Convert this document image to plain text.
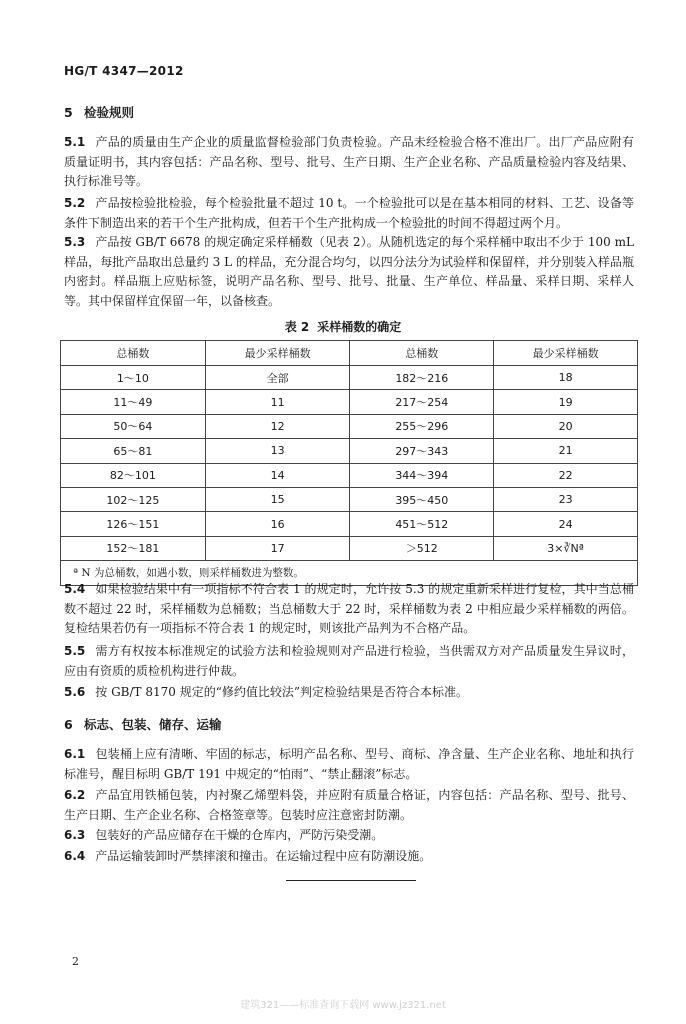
HG/T 4347—2012
5 检验规则
5.1 产品的质量由生产企业的质量监督检验部门负责检验。产品未经检验合格不准出厂。出厂产品应附有质量证明书，其内容包括：产品名称、型号、批号、生产日期、生产企业名称、产品质量检验内容及结果、执行标准号等。
5.2 产品按检验批检验，每个检验批量不超过 10 t。一个检验批可以是在基本相同的材料、工艺、设备等条件下制造出来的若干个生产批构成，但若干个生产批构成一个检验批的时间不得超过两个月。
5.3 产品按 GB/T 6678 的规定确定采样桶数（见表 2）。从随机选定的每个采样桶中取出不少于 100 mL 样品，每批产品取出总量约 3 L 的样品，充分混合均匀，以四分法分为试验样和保留样，并分别装入样品瓶内密封。样品瓶上应贴标签，说明产品名称、型号、批号、批量、生产单位、样品量、采样日期、采样人等。其中保留样宜保留一年，以备核查。
表 2 采样桶数的确定
总桶数	最少采样桶数	总桶数	最少采样桶数
1～10	全部	182～216	18
11～49	11	217～254	19
50～64	12	255～296	20
65～81	13	297～343	21
82～101	14	344～394	22
102～125	15	395～450	23
126～151	16	451～512	24
152～181	17	＞512	3×∛Nª
ª N 为总桶数，如遇小数，则采样桶数进为整数。			
5.4 如果检验结果中有一项指标不符合表 1 的规定时，允许按 5.3 的规定重新采样进行复检，其中当总桶数不超过 22 时，采样桶数为总桶数；当总桶数大于 22 时，采样桶数为表 2 中相应最少采样桶数的两倍。复检结果若仍有一项指标不符合表 1 的规定时，则该批产品判为不合格产品。
5.5 需方有权按本标准规定的试验方法和检验规则对产品进行检验，当供需双方对产品质量发生异议时，应由有资质的质检机构进行仲裁。
5.6 按 GB/T 8170 规定的“修约值比较法”判定检验结果是否符合本标准。
6 标志、包装、储存、运输
6.1 包装桶上应有清晰、牢固的标志，标明产品名称、型号、商标、净含量、生产企业名称、地址和执行标准号，醒目标明 GB/T 191 中规定的“怕雨”、“禁止翻滚”标志。
6.2 产品宜用铁桶包装，内衬聚乙烯塑料袋，并应附有质量合格证，内容包括：产品名称、型号、批号、生产日期、生产企业名称、合格签章等。包装时应注意密封防潮。
6.3 包装好的产品应储存在干燥的仓库内，严防污染受潮。
6.4 产品运输装卸时严禁摔滚和撞击。在运输过程中应有防潮设施。
2
建筑321——标准查询下载网 www.jz321.net
